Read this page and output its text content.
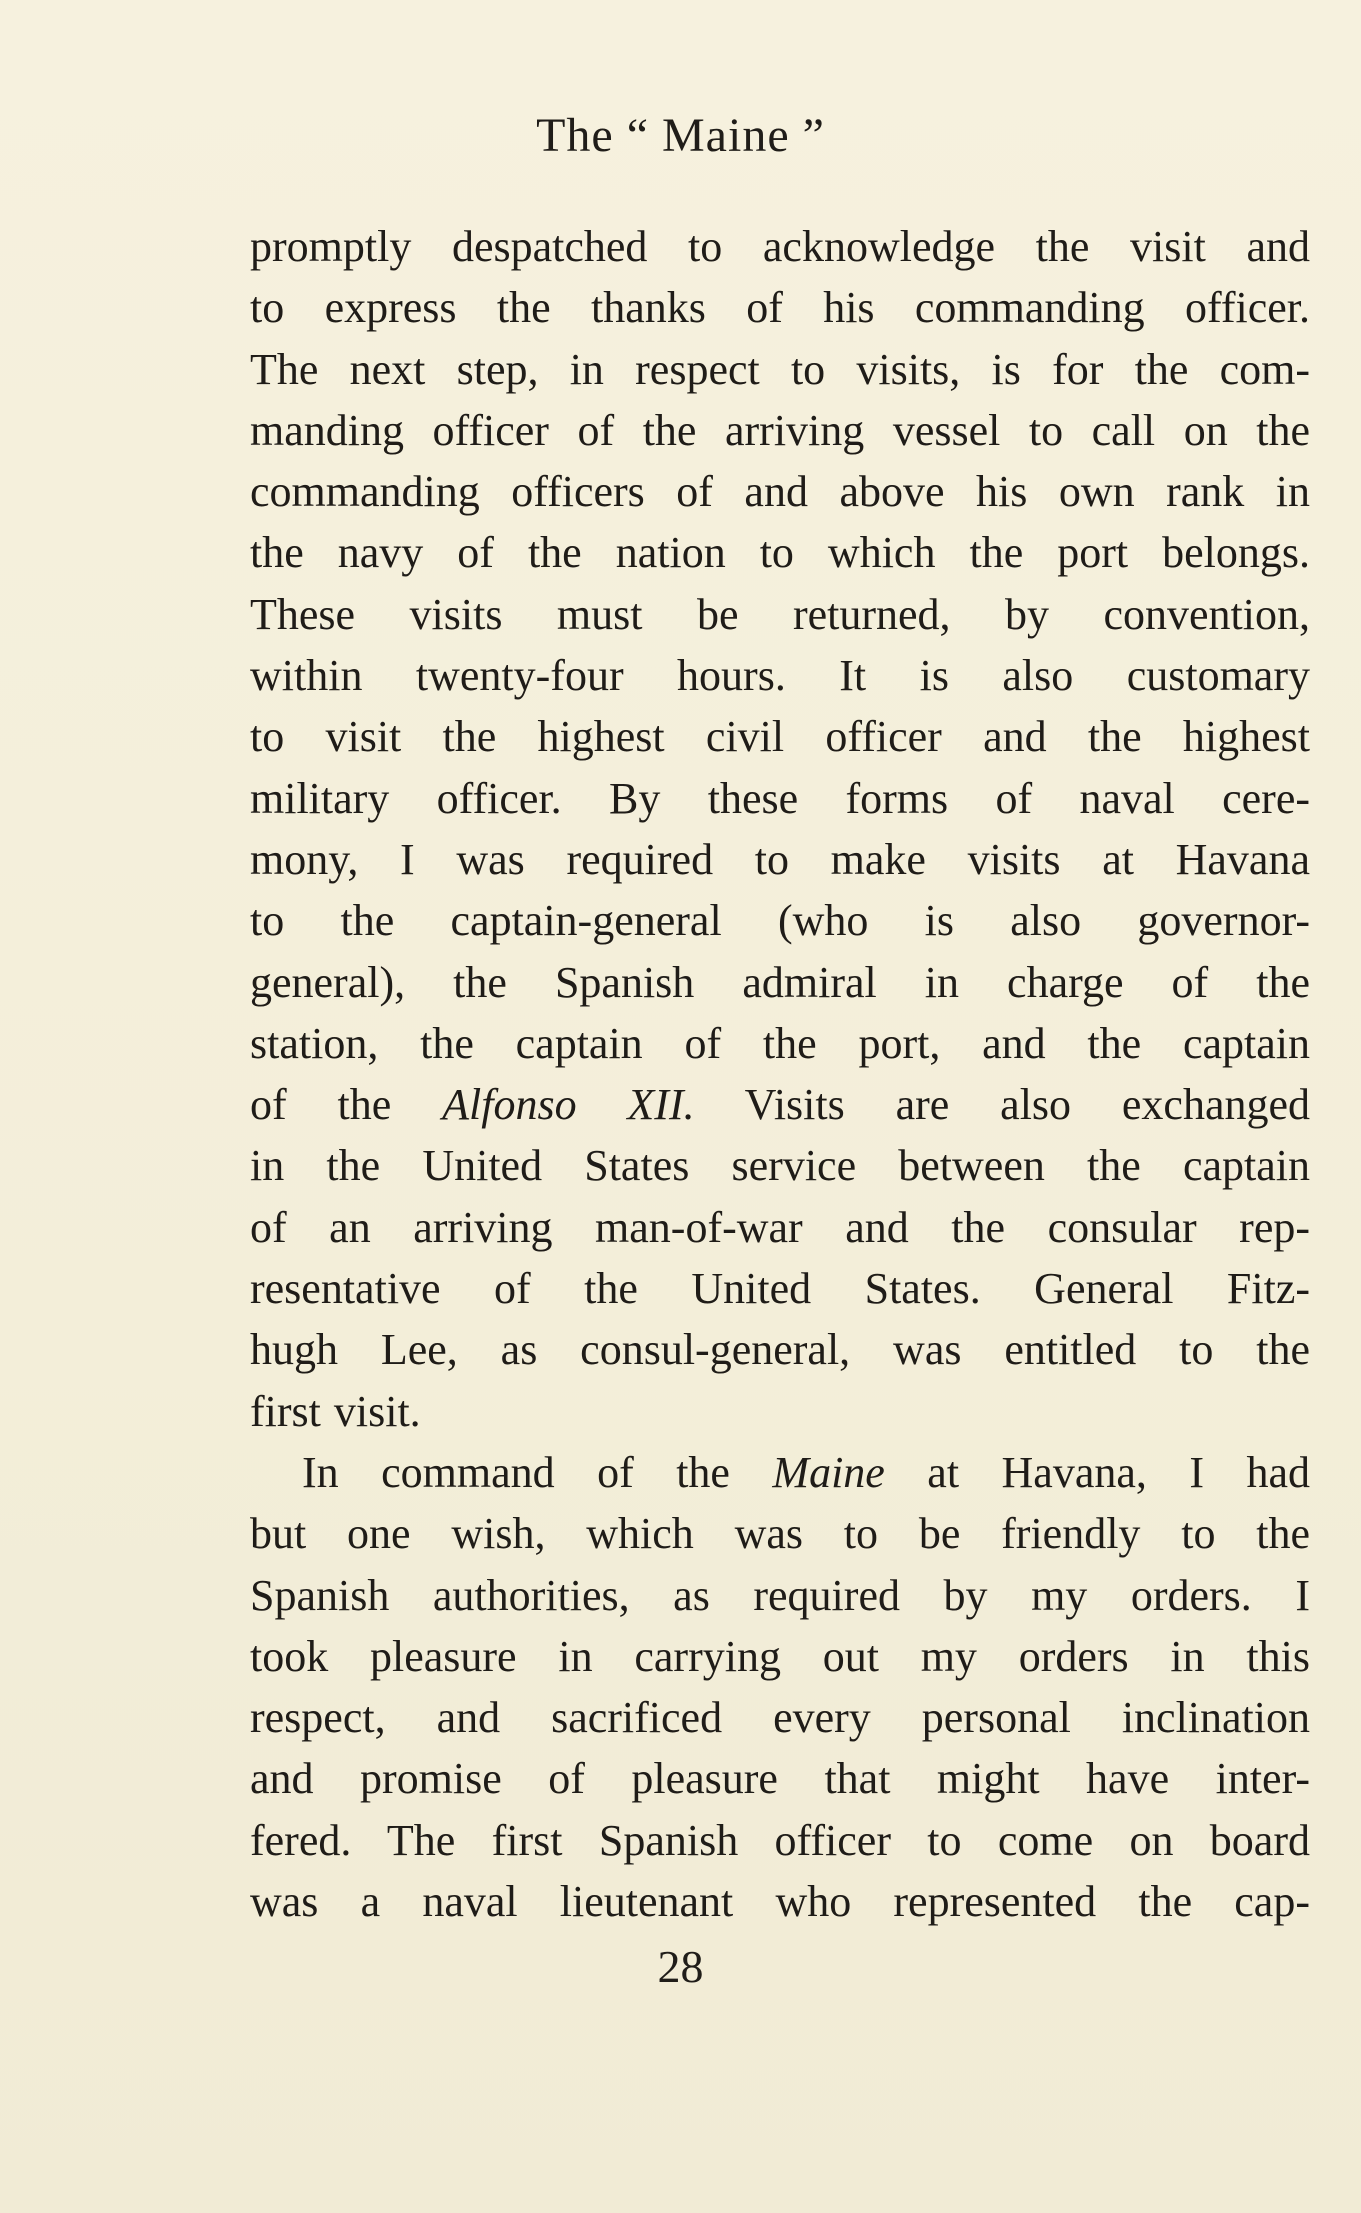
The “ Maine ”
promptly despatched to acknowledge the visit and
to express the thanks of his commanding officer.
The next step, in respect to visits, is for the com-
manding officer of the arriving vessel to call on the
commanding officers of and above his own rank in
the navy of the nation to which the port belongs.
These visits must be returned, by convention,
within twenty-four hours. It is also customary
to visit the highest civil officer and the highest
military officer. By these forms of naval cere-
mony, I was required to make visits at Havana
to the captain-general (who is also governor-
general), the Spanish admiral in charge of the
station, the captain of the port, and the captain
of the Alfonso XII. Visits are also exchanged
in the United States service between the captain
of an arriving man-of-war and the consular rep-
resentative of the United States. General Fitz-
hugh Lee, as consul-general, was entitled to the
first visit.
In command of the Maine at Havana, I had
but one wish, which was to be friendly to the
Spanish authorities, as required by my orders. I
took pleasure in carrying out my orders in this
respect, and sacrificed every personal inclination
and promise of pleasure that might have inter-
fered. The first Spanish officer to come on board
was a naval lieutenant who represented the cap-
28
